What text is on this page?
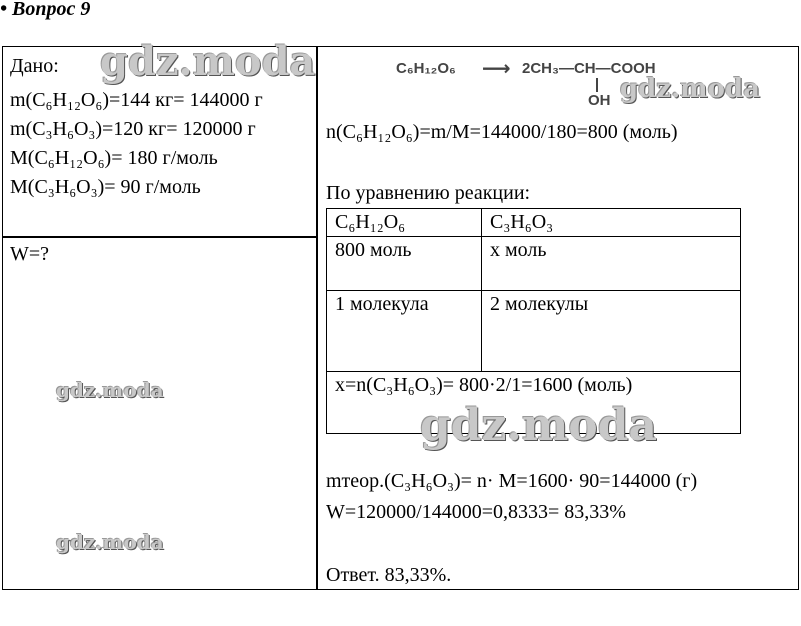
• Вопрос 9
Дано:
m(C₆H₁₂O₆)=144 кг= 144000 г
m(C₃H₆O₃)=120 кг= 120000 г
M(C₆H₁₂O₆)= 180 г/моль
M(C₃H₆O₃)= 90 г/моль
W=?
C₆H₁₂O₆ ⟶ 2CH₃—CH—COOH
OH
n(C₆H₁₂O₆)=m/M=144000/180=800 (моль)
По уравнению реакции:
C₆H₁₂O₆	C₃H₆O₃
800 моль	x моль
1 молекула	2 молекулы
x=n(C₃H₆O₃)= 800·2/1=1600 (моль)	
mтеор.(C₃H₆O₃)= n· M=1600· 90=144000 (г)
W=120000/144000=0,8333= 83,33%
Ответ. 83,33%.
gdz.moda
gdz.moda
gdz.moda
gdz.moda
gdz.moda
